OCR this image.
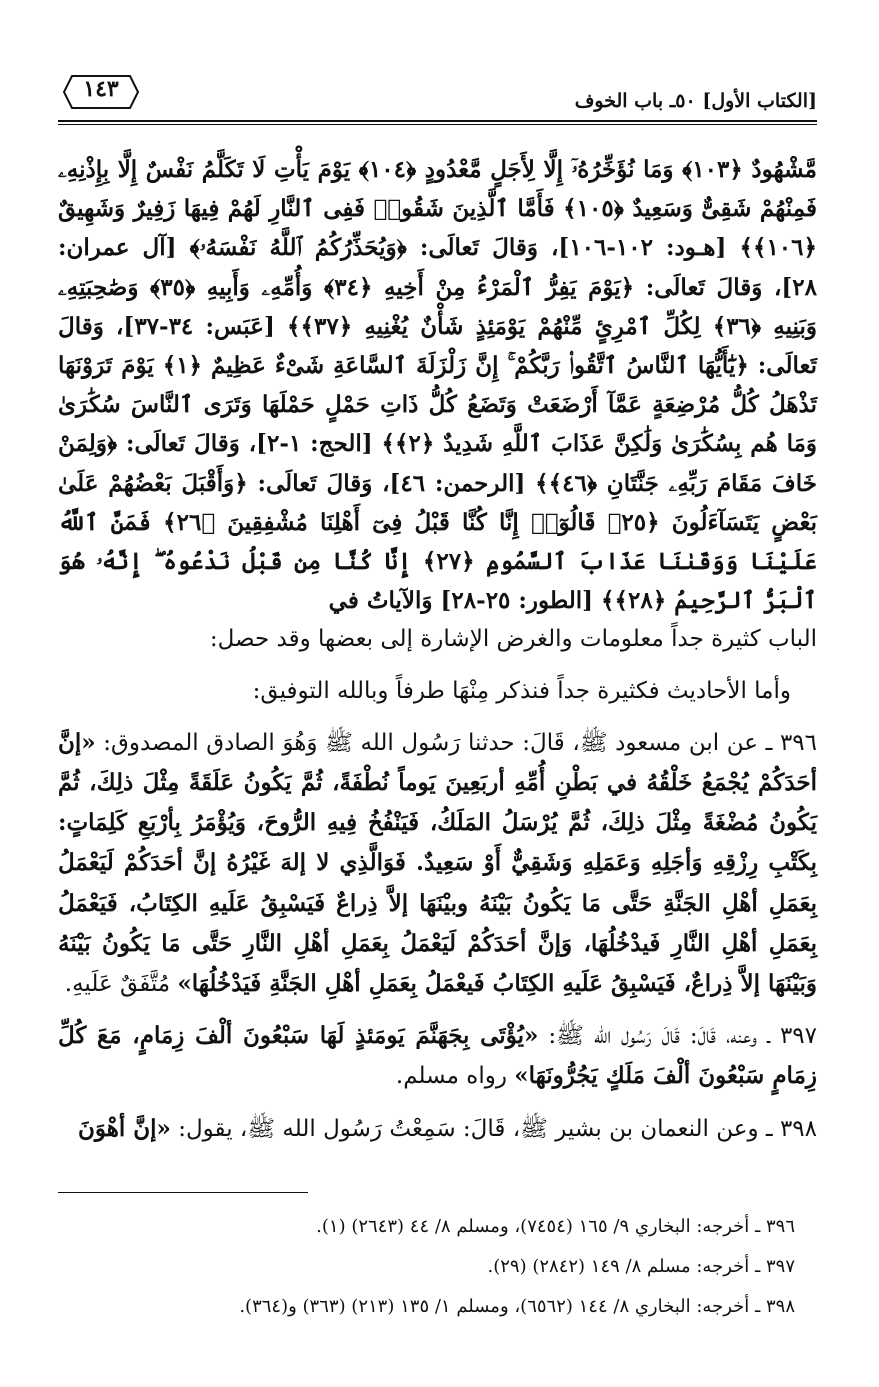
[الكتاب الأول] ٥٠ـ باب الخوف
١٤٣

مَّشْهُودٌ ﴿١٠٣﴾ وَمَا نُؤَخِّرُهُۥٓ إِلَّا لِأَجَلٍ مَّعْدُودٍ ﴿١٠٤﴾ يَوْمَ يَأْتِ لَا تَكَلَّمُ نَفْسٌ إِلَّا بِإِذْنِهِۦ فَمِنْهُمْ شَقِىٌّ وَسَعِيدٌ ﴿١٠٥﴾ فَأَمَّا ٱلَّذِينَ شَقُوا۟ فَفِى ٱلنَّارِ لَهُمْ فِيهَا زَفِيرٌ وَشَهِيقٌ ﴿١٠٦﴾﴾ [هـود: ١٠٢-١٠٦]، وَقالَ تَعالَى: ﴿وَيُحَذِّرُكُمُ ٱللَّهُ نَفْسَهُۥ﴾ [آل عمران: ٢٨]، وَقالَ تَعالَى: ﴿يَوْمَ يَفِرُّ ٱلْمَرْءُ مِنْ أَخِيهِ ﴿٣٤﴾ وَأُمِّهِۦ وَأَبِيهِ ﴿٣٥﴾ وَصَٰحِبَتِهِۦ وَبَنِيهِ ﴿٣٦﴾ لِكُلِّ ٱمْرِئٍ مِّنْهُمْ يَوْمَئِذٍ شَأْنٌ يُغْنِيهِ ﴿٣٧﴾﴾ [عَبَس: ٣٤-٣٧]، وَقالَ تَعالَى: ﴿يَٰٓأَيُّهَا ٱلنَّاسُ ٱتَّقُوا۟ رَبَّكُمْ ۚ إِنَّ زَلْزَلَةَ ٱلسَّاعَةِ شَىْءٌ عَظِيمٌ ﴿١﴾ يَوْمَ تَرَوْنَهَا تَذْهَلُ كُلُّ مُرْضِعَةٍ عَمَّآ أَرْضَعَتْ وَتَضَعُ كُلُّ ذَاتِ حَمْلٍ حَمْلَهَا وَتَرَى ٱلنَّاسَ سُكَٰرَىٰ وَمَا هُم بِسُكَٰرَىٰ وَلَٰكِنَّ عَذَابَ ٱللَّهِ شَدِيدٌ ﴿٢﴾﴾ [الحج: ١-٢]، وَقالَ تَعالَى: ﴿وَلِمَنْ خَافَ مَقَامَ رَبِّهِۦ جَنَّتَانِ ﴿٤٦﴾﴾ [الرحمن: ٤٦]، وَقالَ تَعالَى: ﴿وَأَقْبَلَ بَعْضُهُمْ عَلَىٰ بَعْضٍ يَتَسَآءَلُونَ ﴿٢٥﴾ قَالُوٓا۟ إِنَّا كُنَّا قَبْلُ فِىٓ أَهْلِنَا مُشْفِقِينَ ﴿٢٦﴾ فَمَنَّ ٱللَّهُ عَلَيْنَا وَوَقَىٰنَا عَذَابَ ٱلسَّمُومِ ﴿٢٧﴾ إِنَّا كُنَّا مِن قَبْلُ نَدْعُوهُ ۖ إِنَّهُۥ هُوَ ٱلْبَرُّ ٱلرَّحِيمُ ﴿٢٨﴾﴾ [الطور: ٢٥-٢٨] وَالآياتُ في

الباب كثيرة جداً معلومات والغرض الإشارة إلى بعضها وقد حصل:

وأما الأحاديث فكثيرة جداً فنذكر مِنْهَا طرفاً وبالله التوفيق:

٣٩٦ ـ عن ابن مسعود ﷺ، قَالَ: حدثنا رَسُول الله ﷺ وَهُوَ الصادق المصدوق: «إنَّ أحَدَكُمْ يُجْمَعُ خَلْقُهُ في بَطْنِ أُمِّهِ أربَعِينَ يَوماً نُطْفَةً، ثُمَّ يَكُونُ عَلَقَةً مِثْلَ ذلِكَ، ثُمَّ يَكُونُ مُضْغَةً مِثْلَ ذلِكَ، ثُمَّ يُرْسَلُ المَلَكُ، فَيَنْفُخُ فِيهِ الرُّوحَ، وَيُؤْمَرُ بِأرْبَعِ كَلِمَاتٍ: بِكَتْبِ رِزْقِهِ وَأجَلِهِ وَعَمَلِهِ وَشَقِيٌّ أَوْ سَعِيدٌ. فَوَالَّذِي لا إلهَ غَيْرُهُ إنَّ أحَدَكُمْ لَيَعْمَلُ بِعَمَلِ أهْلِ الجَنَّةِ حَتَّى مَا يَكُونُ بَيْنَهُ وبيْنَهَا إلاَّ ذِراعٌ فَيَسْبِقُ عَلَيهِ الكِتَابُ، فَيَعْمَلُ بِعَمَلِ أهْلِ النَّارِ فَيدْخُلُهَا، وَإنَّ أحَدَكُمْ لَيَعْمَلُ بِعَمَلِ أهْلِ النَّارِ حَتَّى مَا يَكُونُ بَيْنَهُ وَبَيْنَهَا إلاَّ ذِراعٌ، فَيَسْبِقُ عَلَيهِ الكِتَابُ فَيعْمَلُ بِعَمَلِ أهْلِ الجَنَّةِ فَيَدْخُلُهَا» مُتَّفَقٌ عَلَيهِ.

٣٩٧ ـ وعنه، قَالَ: قَالَ رَسُول الله ﷺ: «يُؤْتَى بِجَهَنَّمَ يَومَئذٍ لَهَا سَبْعُونَ ألْفَ زِمَامٍ، مَعَ كُلِّ زِمَامٍ سَبْعُونَ ألْفَ مَلَكٍ يَجُرُّونَهَا» رواه مسلم.

٣٩٨ ـ وعن النعمان بن بشير ﷺ، قَالَ: سَمِعْتُ رَسُول الله ﷺ، يقول: «إنَّ أهْوَنَ

٣٩٦ ـ أخرجه: البخاري ٩/ ١٦٥ (٧٤٥٤)، ومسلم ٨/ ٤٤ (٢٦٤٣) (١).

٣٩٧ ـ أخرجه: مسلم ٨/ ١٤٩ (٢٨٤٢) (٢٩).

٣٩٨ ـ أخرجه: البخاري ٨/ ١٤٤ (٦٥٦٢)، ومسلم ١/ ١٣٥ (٢١٣) (٣٦٣) و(٣٦٤).
